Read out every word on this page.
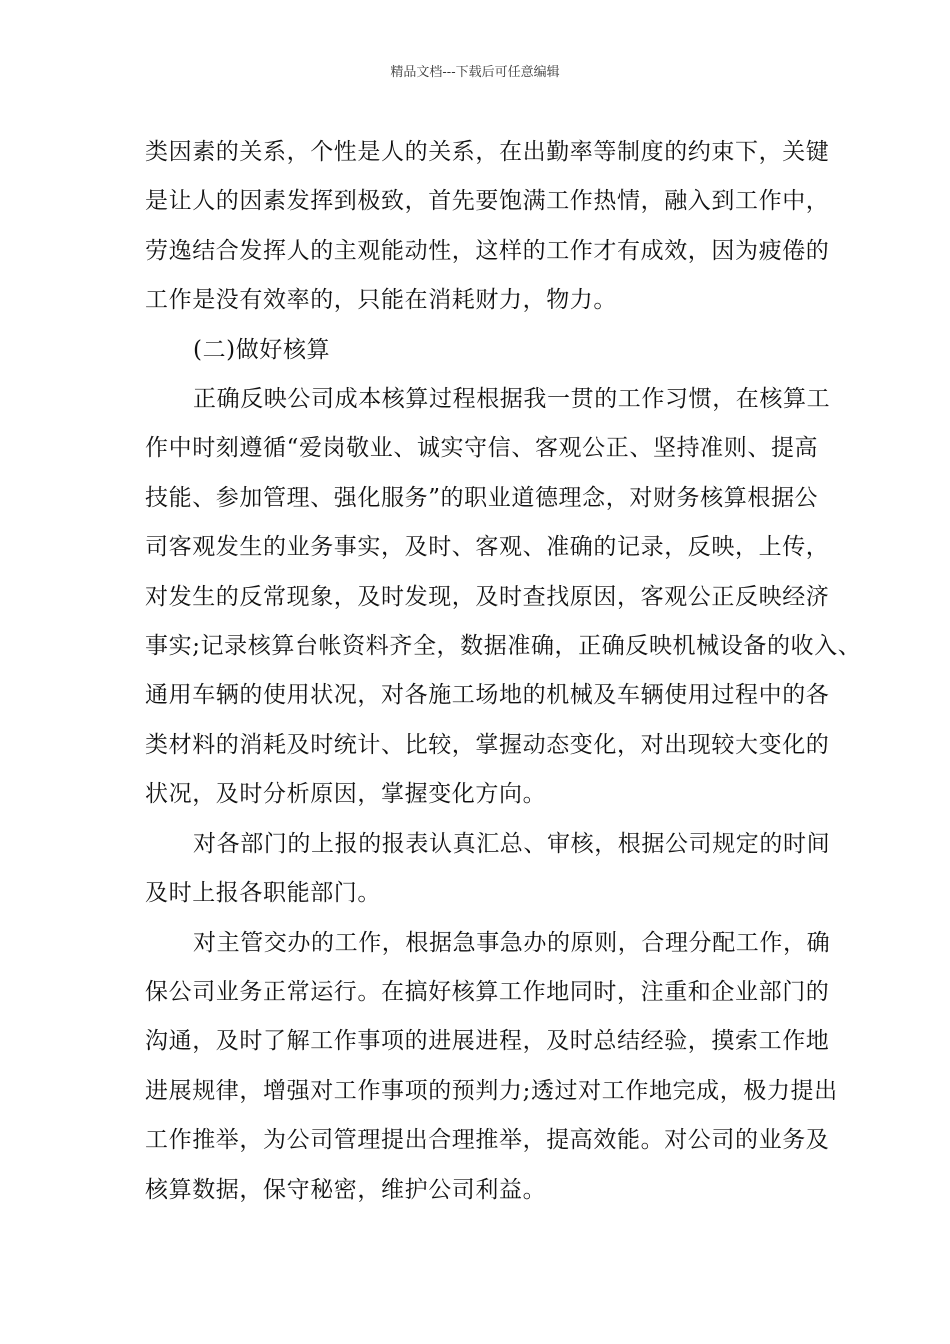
精品文档---下载后可任意编辑

类因素的关系，个性是人的关系，在出勤率等制度的约束下，关键
是让人的因素发挥到极致，首先要饱满工作热情，融入到工作中，
劳逸结合发挥人的主观能动性，这样的工作才有成效，因为疲倦的
工作是没有效率的，只能在消耗财力，物力。

(二)做好核算

正确反映公司成本核算过程根据我一贯的工作习惯，在核算工
作中时刻遵循“爱岗敬业、诚实守信、客观公正、坚持准则、提高
技能、参加管理、强化服务”的职业道德理念，对财务核算根据公
司客观发生的业务事实，及时、客观、准确的记录，反映，上传，
对发生的反常现象，及时发现，及时查找原因，客观公正反映经济
事实;记录核算台帐资料齐全，数据准确，正确反映机械设备的收入、
通用车辆的使用状况，对各施工场地的机械及车辆使用过程中的各
类材料的消耗及时统计、比较，掌握动态变化，对出现较大变化的
状况，及时分析原因，掌握变化方向。

对各部门的上报的报表认真汇总、审核，根据公司规定的时间
及时上报各职能部门。

对主管交办的工作，根据急事急办的原则，合理分配工作，确
保公司业务正常运行。在搞好核算工作地同时，注重和企业部门的
沟通，及时了解工作事项的进展进程，及时总结经验，摸索工作地
进展规律，增强对工作事项的预判力;透过对工作地完成，极力提出
工作推举，为公司管理提出合理推举，提高效能。对公司的业务及
核算数据，保守秘密，维护公司利益。
